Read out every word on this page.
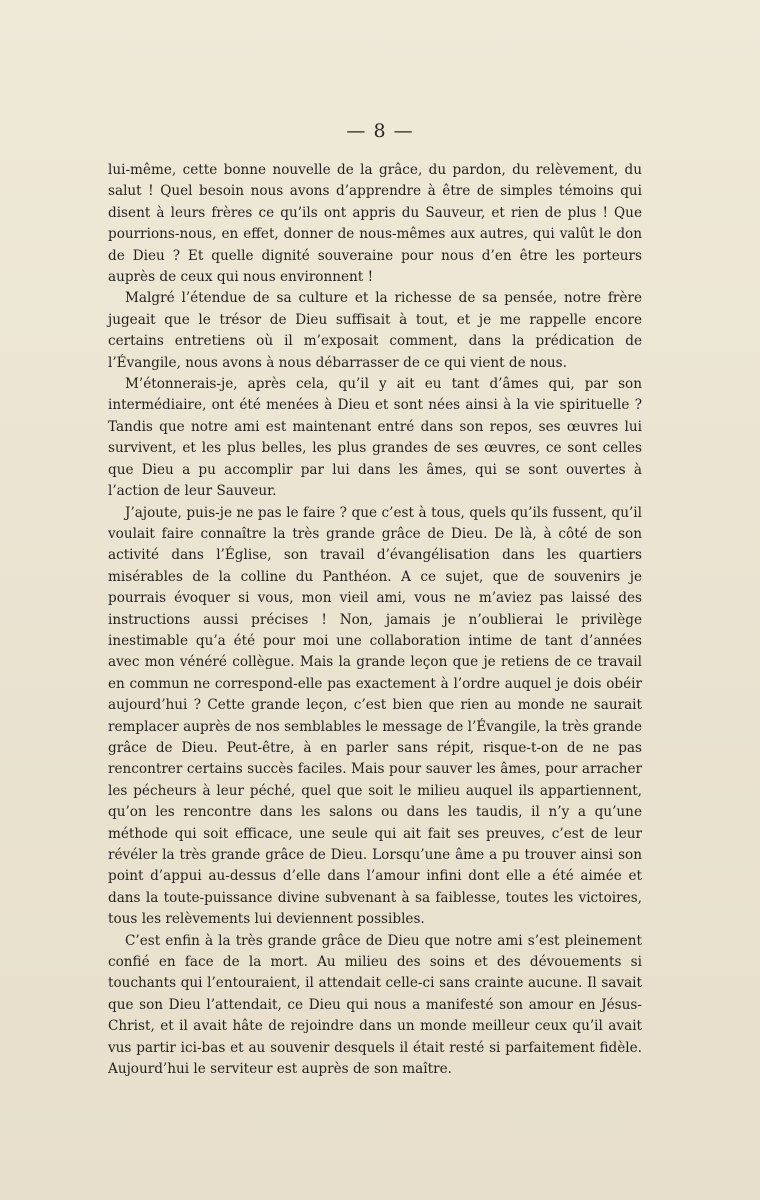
— 8 —

lui-même, cette bonne nouvelle de la grâce, du pardon, du relèvement, du salut ! Quel besoin nous avons d’apprendre à être de simples témoins qui disent à leurs frères ce qu’ils ont appris du Sauveur, et rien de plus ! Que pourrions-nous, en effet, donner de nous-mêmes aux autres, qui valût le don de Dieu ? Et quelle dignité souveraine pour nous d’en être les porteurs auprès de ceux qui nous environnent !

Malgré l’étendue de sa culture et la richesse de sa pensée, notre frère jugeait que le trésor de Dieu suffisait à tout, et je me rappelle encore certains entretiens où il m’exposait comment, dans la prédication de l’Évangile, nous avons à nous débarrasser de ce qui vient de nous.

M’étonnerais-je, après cela, qu’il y ait eu tant d’âmes qui, par son intermédiaire, ont été menées à Dieu et sont nées ainsi à la vie spirituelle ? Tandis que notre ami est maintenant entré dans son repos, ses œuvres lui survivent, et les plus belles, les plus grandes de ses œuvres, ce sont celles que Dieu a pu accomplir par lui dans les âmes, qui se sont ouvertes à l’action de leur Sauveur.

J’ajoute, puis-je ne pas le faire ? que c’est à tous, quels qu’ils fussent, qu’il voulait faire connaître la très grande grâce de Dieu. De là, à côté de son activité dans l’Église, son travail d’évangélisation dans les quartiers misérables de la colline du Panthéon. A ce sujet, que de souvenirs je pourrais évoquer si vous, mon vieil ami, vous ne m’aviez pas laissé des instructions aussi précises ! Non, jamais je n’oublierai le privilège inestimable qu’a été pour moi une collaboration intime de tant d’années avec mon vénéré collègue. Mais la grande leçon que je retiens de ce travail en commun ne correspond-elle pas exactement à l’ordre auquel je dois obéir aujourd’hui ? Cette grande leçon, c’est bien que rien au monde ne saurait remplacer auprès de nos semblables le message de l’Évangile, la très grande grâce de Dieu. Peut-être, à en parler sans répit, risque-t-on de ne pas rencontrer certains succès faciles. Mais pour sauver les âmes, pour arracher les pécheurs à leur péché, quel que soit le milieu auquel ils appartiennent, qu’on les rencontre dans les salons ou dans les taudis, il n’y a qu’une méthode qui soit efficace, une seule qui ait fait ses preuves, c’est de leur révéler la très grande grâce de Dieu. Lorsqu’une âme a pu trouver ainsi son point d’appui au-dessus d’elle dans l’amour infini dont elle a été aimée et dans la toute-puissance divine subvenant à sa faiblesse, toutes les victoires, tous les relèvements lui deviennent possibles.

C’est enfin à la très grande grâce de Dieu que notre ami s’est pleinement confié en face de la mort. Au milieu des soins et des dévouements si touchants qui l’entouraient, il attendait celle-ci sans crainte aucune. Il savait que son Dieu l’attendait, ce Dieu qui nous a manifesté son amour en Jésus-Christ, et il avait hâte de rejoindre dans un monde meilleur ceux qu’il avait vus partir ici-bas et au souvenir desquels il était resté si parfaitement fidèle. Aujourd’hui le serviteur est auprès de son maître.
